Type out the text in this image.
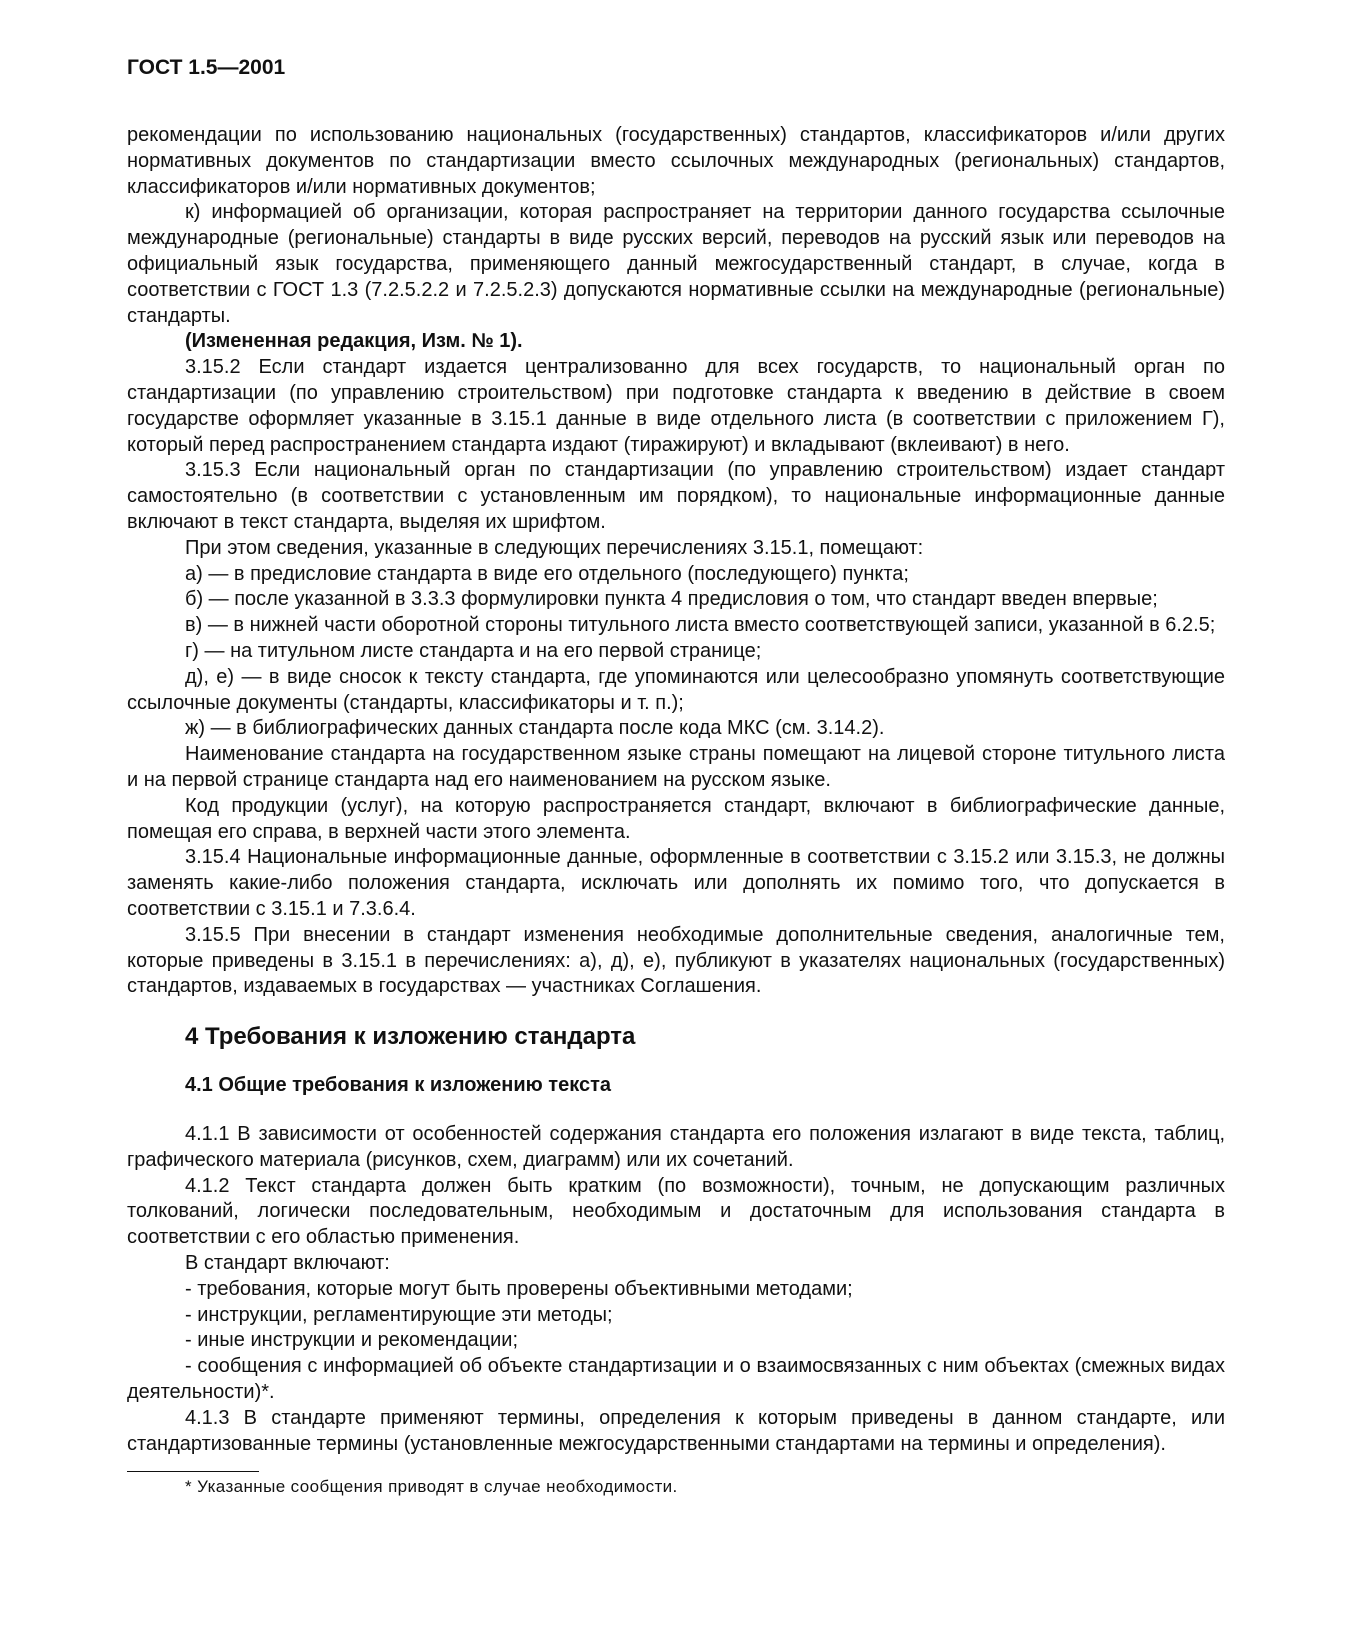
ГОСТ 1.5—2001

рекомендации по использованию национальных (государственных) стандартов, классификаторов и/или других нормативных документов по стандартизации вместо ссылочных международных (региональных) стандартов, классификаторов и/или нормативных документов;

к) информацией об организации, которая распространяет на территории данного государства ссылочные международные (региональные) стандарты в виде русских версий, переводов на русский язык или переводов на официальный язык государства, применяющего данный межгосударственный стандарт, в случае, когда в соответствии с ГОСТ 1.3 (7.2.5.2.2 и 7.2.5.2.3) допускаются нормативные ссылки на международные (региональные) стандарты.

(Измененная редакция, Изм. № 1).

3.15.2 Если стандарт издается централизованно для всех государств, то национальный орган по стандартизации (по управлению строительством) при подготовке стандарта к введению в действие в своем государстве оформляет указанные в 3.15.1 данные в виде отдельного листа (в соответствии с приложением Г), который перед распространением стандарта издают (тиражируют) и вкладывают (вклеивают) в него.

3.15.3 Если национальный орган по стандартизации (по управлению строительством) издает стандарт самостоятельно (в соответствии с установленным им порядком), то национальные информационные данные включают в текст стандарта, выделяя их шрифтом.

При этом сведения, указанные в следующих перечислениях 3.15.1, помещают:

а) — в предисловие стандарта в виде его отдельного (последующего) пункта;

б) — после указанной в 3.3.3 формулировки пункта 4 предисловия о том, что стандарт введен впервые;

в) — в нижней части оборотной стороны титульного листа вместо соответствующей записи, указанной в 6.2.5;

г) — на титульном листе стандарта и на его первой странице;

д), е) — в виде сносок к тексту стандарта, где упоминаются или целесообразно упомянуть соответствующие ссылочные документы (стандарты, классификаторы и т. п.);

ж) — в библиографических данных стандарта после кода МКС (см. 3.14.2).

Наименование стандарта на государственном языке страны помещают на лицевой стороне титульного листа и на первой странице стандарта над его наименованием на русском языке.

Код продукции (услуг), на которую распространяется стандарт, включают в библиографические данные, помещая его справа, в верхней части этого элемента.

3.15.4 Национальные информационные данные, оформленные в соответствии с 3.15.2 или 3.15.3, не должны заменять какие-либо положения стандарта, исключать или дополнять их помимо того, что допускается в соответствии с 3.15.1 и 7.3.6.4.

3.15.5 При внесении в стандарт изменения необходимые дополнительные сведения, аналогичные тем, которые приведены в 3.15.1 в перечислениях: а), д), е), публикуют в указателях национальных (государственных) стандартов, издаваемых в государствах — участниках Соглашения.

4 Требования к изложению стандарта
4.1 Общие требования к изложению текста

4.1.1 В зависимости от особенностей содержания стандарта его положения излагают в виде текста, таблиц, графического материала (рисунков, схем, диаграмм) или их сочетаний.

4.1.2 Текст стандарта должен быть кратким (по возможности), точным, не допускающим различных толкований, логически последовательным, необходимым и достаточным для использования стандарта в соответствии с его областью применения.

В стандарт включают:

- требования, которые могут быть проверены объективными методами;

- инструкции, регламентирующие эти методы;

- иные инструкции и рекомендации;

- сообщения с информацией об объекте стандартизации и о взаимосвязанных с ним объектах (смежных видах деятельности)*.

4.1.3 В стандарте применяют термины, определения к которым приведены в данном стандарте, или стандартизованные термины (установленные межгосударственными стандартами на термины и определения).

* Указанные сообщения приводят в случае необходимости.
